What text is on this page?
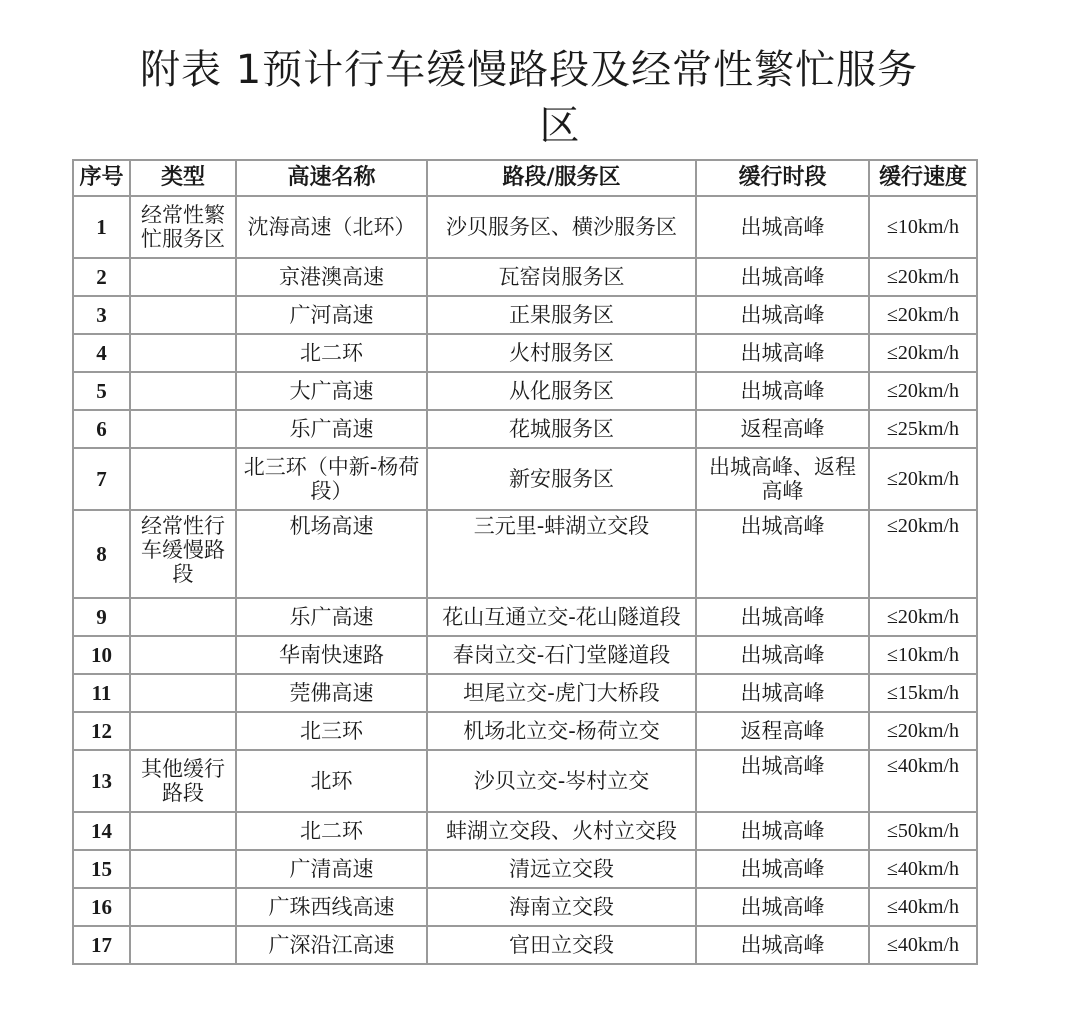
附表 1预计行车缓慢路段及经常性繁忙服务
区
序号	类型	高速名称	路段/服务区	缓行时段	缓行速度
1	经常性繁忙服务区	沈海高速（北环）	沙贝服务区、横沙服务区	出城高峰	≤10km/h
2		京港澳高速	瓦窑岗服务区	出城高峰	≤20km/h
3		广河高速	正果服务区	出城高峰	≤20km/h
4		北二环	火村服务区	出城高峰	≤20km/h
5		大广高速	从化服务区	出城高峰	≤20km/h
6		乐广高速	花城服务区	返程高峰	≤25km/h
7		北三环（中新-杨荷段）	新安服务区	出城高峰、返程高峰	≤20km/h
8	经常性行车缓慢路段	机场高速	三元里-蚌湖立交段	出城高峰	≤20km/h
9		乐广高速	花山互通立交-花山隧道段	出城高峰	≤20km/h
10		华南快速路	春岗立交-石门堂隧道段	出城高峰	≤10km/h
11		莞佛高速	坦尾立交-虎门大桥段	出城高峰	≤15km/h
12		北三环	机场北立交-杨荷立交	返程高峰	≤20km/h
13	其他缓行路段	北环	沙贝立交-岑村立交	出城高峰	≤40km/h
14		北二环	蚌湖立交段、火村立交段	出城高峰	≤50km/h
15		广清高速	清远立交段	出城高峰	≤40km/h
16		广珠西线高速	海南立交段	出城高峰	≤40km/h
17		广深沿江高速	官田立交段	出城高峰	≤40km/h
